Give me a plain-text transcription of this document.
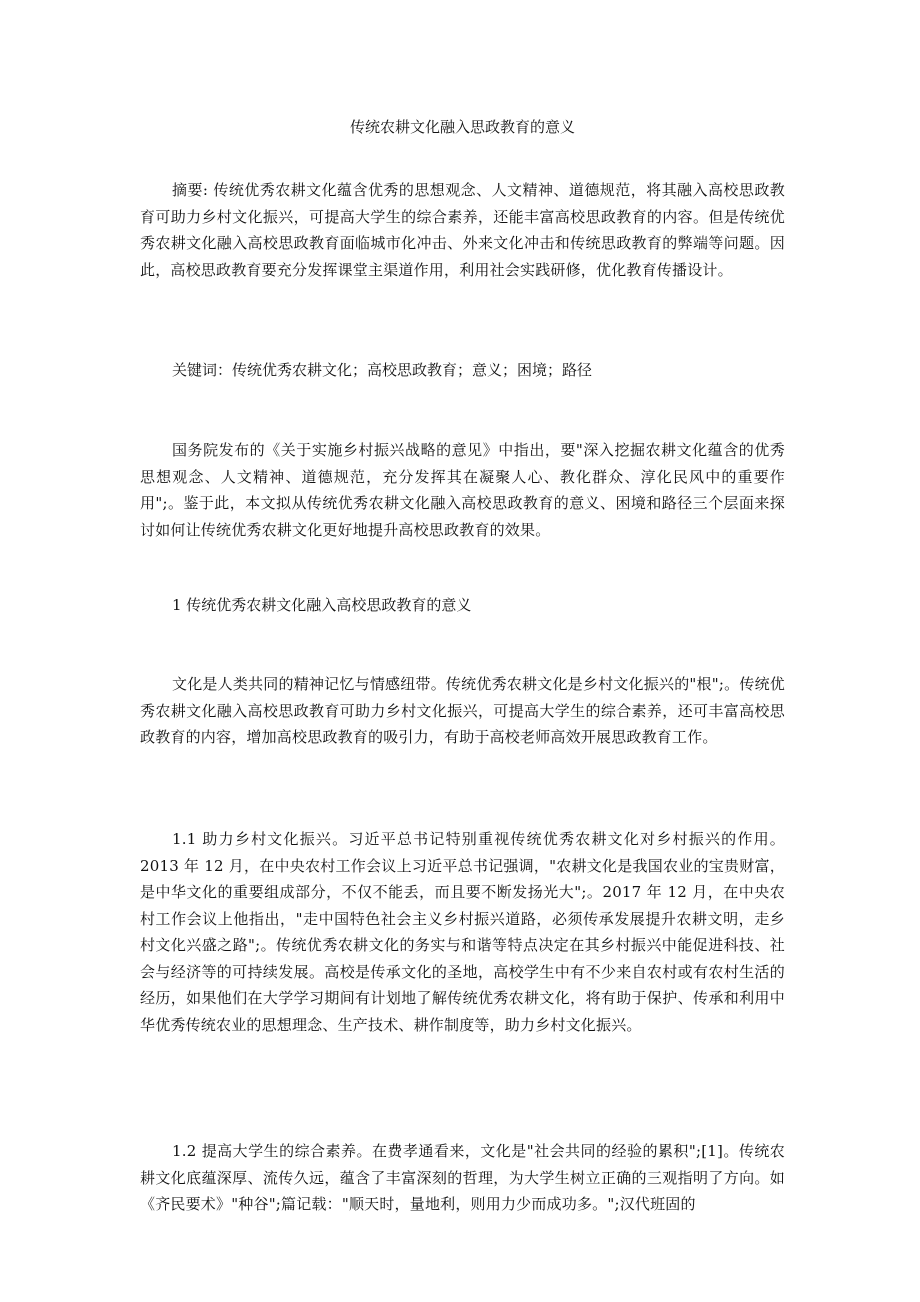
传统农耕文化融入思政教育的意义

摘要: 传统优秀农耕文化蕴含优秀的思想观念、人文精神、道德规范，将其融入高校思政教育可助力乡村文化振兴，可提高大学生的综合素养，还能丰富高校思政教育的内容。但是传统优秀农耕文化融入高校思政教育面临城市化冲击、外来文化冲击和传统思政教育的弊端等问题。因此，高校思政教育要充分发挥课堂主渠道作用，利用社会实践研修，优化教育传播设计。

关键词：传统优秀农耕文化；高校思政教育；意义；困境；路径

国务院发布的《关于实施乡村振兴战略的意见》中指出，要"深入挖掘农耕文化蕴含的优秀思想观念、人文精神、道德规范，充分发挥其在凝聚人心、教化群众、淳化民风中的重要作用";。鉴于此，本文拟从传统优秀农耕文化融入高校思政教育的意义、困境和路径三个层面来探讨如何让传统优秀农耕文化更好地提升高校思政教育的效果。

1 传统优秀农耕文化融入高校思政教育的意义

文化是人类共同的精神记忆与情感纽带。传统优秀农耕文化是乡村文化振兴的"根";。传统优秀农耕文化融入高校思政教育可助力乡村文化振兴，可提高大学生的综合素养，还可丰富高校思政教育的内容，增加高校思政教育的吸引力，有助于高校老师高效开展思政教育工作。

1.1 助力乡村文化振兴。习近平总书记特别重视传统优秀农耕文化对乡村振兴的作用。2013 年 12 月，在中央农村工作会议上习近平总书记强调，"农耕文化是我国农业的宝贵财富，是中华文化的重要组成部分，不仅不能丢，而且要不断发扬光大";。2017 年 12 月，在中央农村工作会议上他指出，"走中国特色社会主义乡村振兴道路，必须传承发展提升农耕文明，走乡村文化兴盛之路";。传统优秀农耕文化的务实与和谐等特点决定在其乡村振兴中能促进科技、社会与经济等的可持续发展。高校是传承文化的圣地，高校学生中有不少来自农村或有农村生活的经历，如果他们在大学学习期间有计划地了解传统优秀农耕文化，将有助于保护、传承和利用中华优秀传统农业的思想理念、生产技术、耕作制度等，助力乡村文化振兴。

1.2 提高大学生的综合素养。在费孝通看来，文化是"社会共同的经验的累积";[1]。传统农耕文化底蕴深厚、流传久远，蕴含了丰富深刻的哲理，为大学生树立正确的三观指明了方向。如《齐民要术》"种谷";篇记载："顺天时，量地利，则用力少而成功多。";汉代班固的
